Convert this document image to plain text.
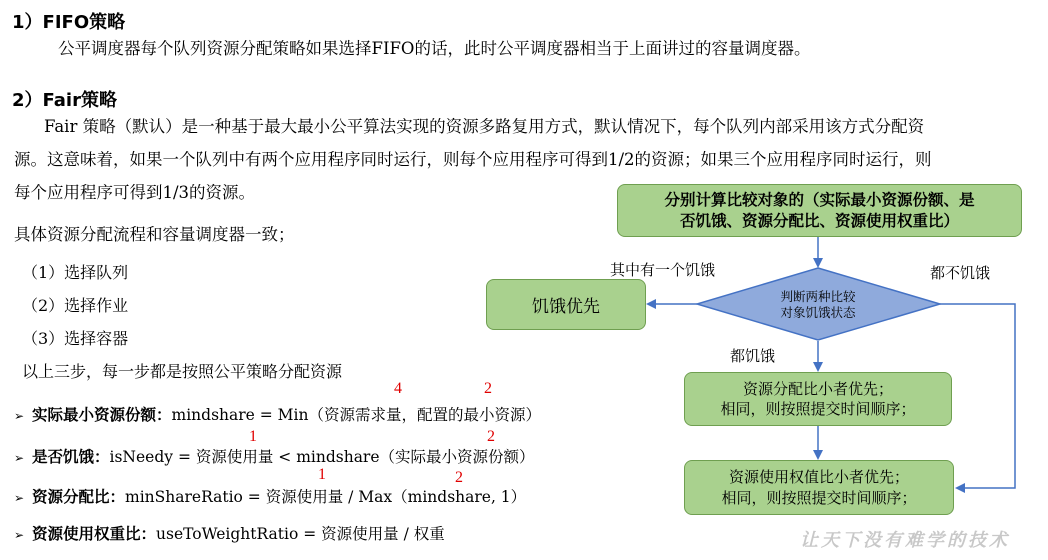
1）FIFO策略
公平调度器每个队列资源分配策略如果选择FIFO的话，此时公平调度器相当于上面讲过的容量调度器。
2）Fair策略
Fair 策略（默认）是一种基于最大最小公平算法实现的资源多路复用方式，默认情况下，每个队列内部采用该方式分配资
源。这意味着，如果一个队列中有两个应用程序同时运行，则每个应用程序可得到1/2的资源；如果三个应用程序同时运行，则
每个应用程序可得到1/3的资源。
具体资源分配流程和容量调度器一致；
（1）选择队列
（2）选择作业
（3）选择容器
以上三步，每一步都是按照公平策略分配资源
4	2
1	2
1	2
➢ 实际最小资源份额：mindshare = Min（资源需求量，配置的最小资源）
➢ 是否饥饿：isNeedy = 资源使用量 < mindshare（实际最小资源份额）
➢ 资源分配比：minShareRatio = 资源使用量 / Max（mindshare, 1）
➢ 资源使用权重比：useToWeightRatio = 资源使用量 / 权重
分别计算比较对象的（实际最小资源份额、是
否饥饿、资源分配比、资源使用权重比）
判断两种比较
对象饥饿状态
饥饿优先
资源分配比小者优先；
相同，则按照提交时间顺序；
资源使用权值比小者优先；
相同，则按照提交时间顺序；
其中有一个饥饿	都不饥饿
都饥饿
让天下没有难学的技术
